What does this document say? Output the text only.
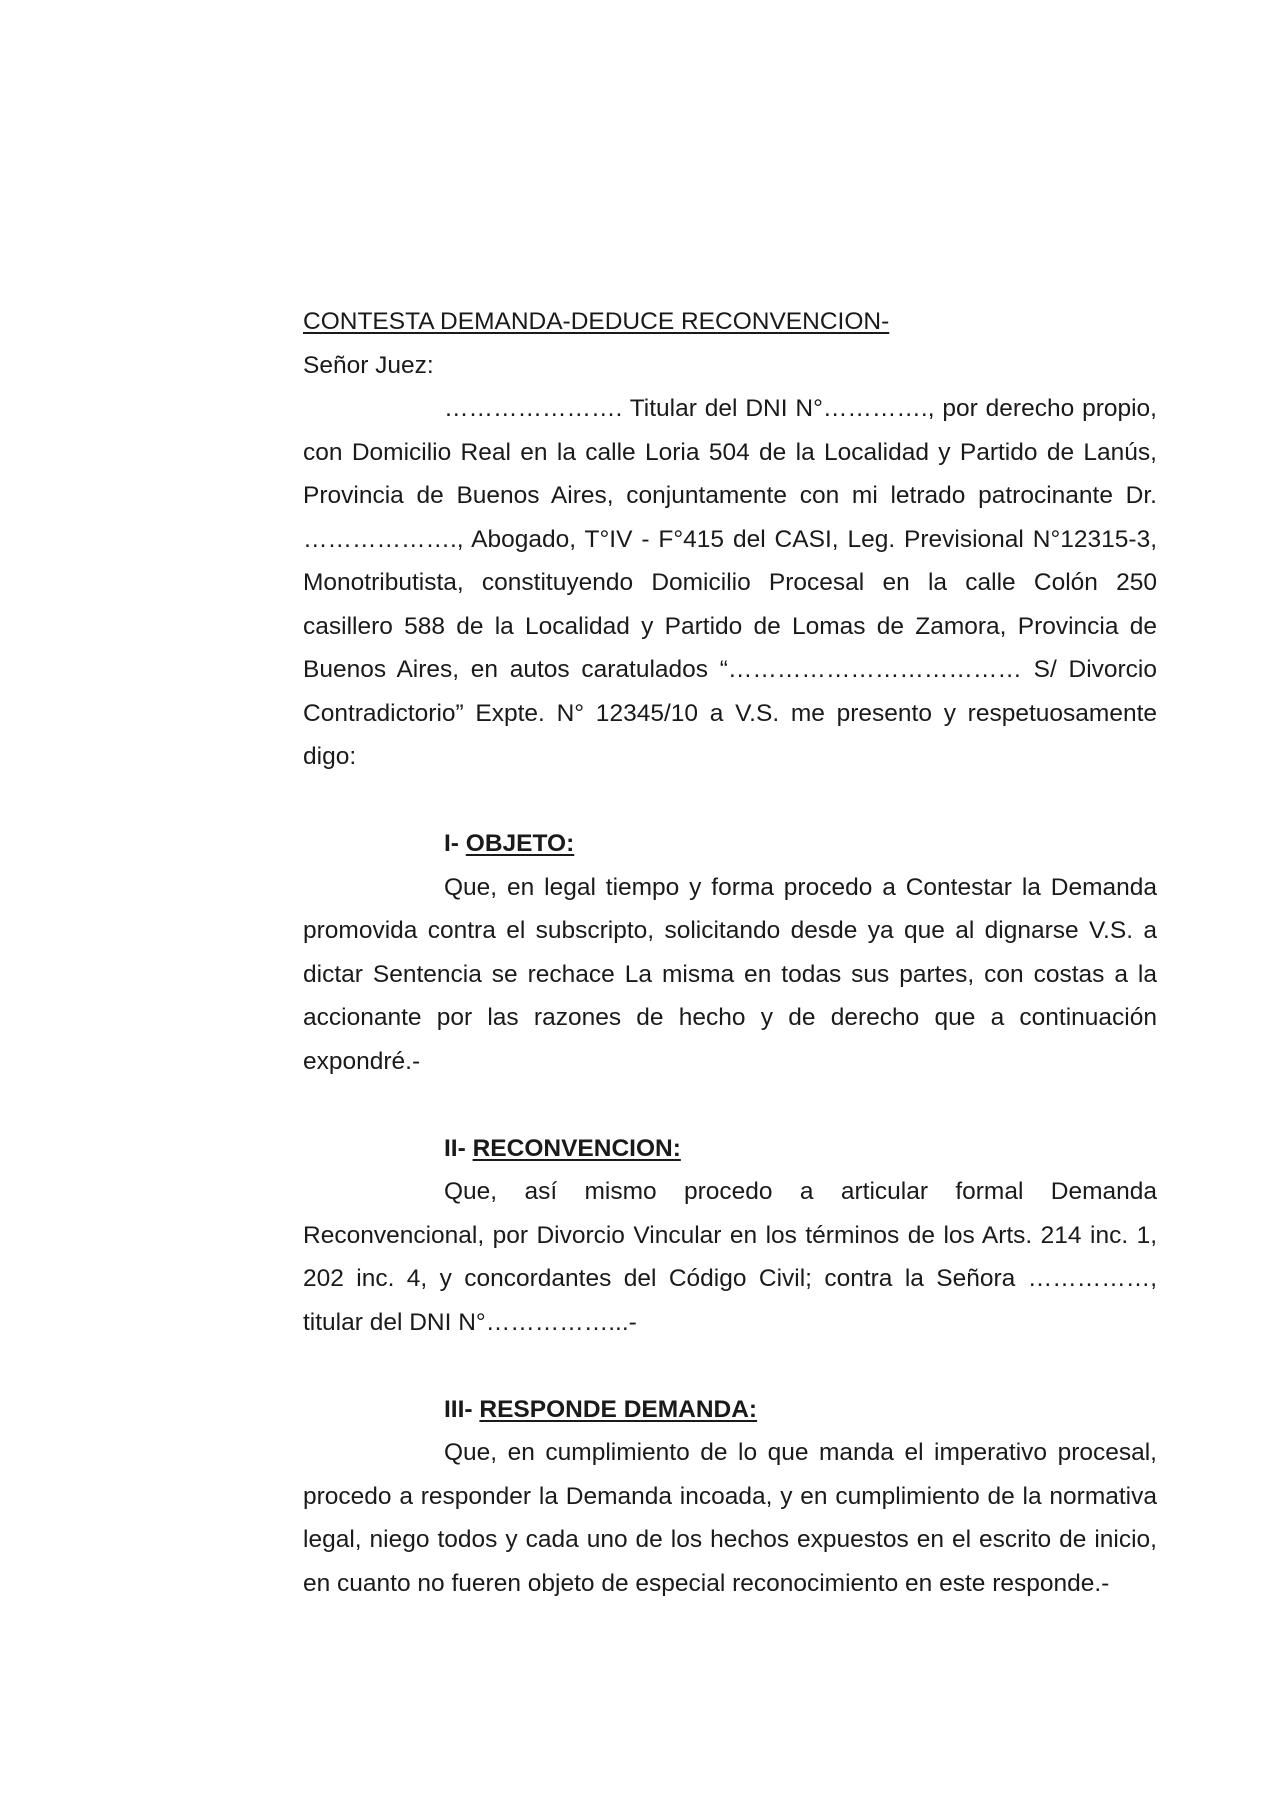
CONTESTA DEMANDA-DEDUCE RECONVENCION-

Señor Juez:

…………………. Titular del DNI N°…………., por derecho propio, con Domicilio Real en la calle Loria 504 de la Localidad y Partido de Lanús, Provincia de Buenos Aires, conjuntamente con mi letrado patrocinante Dr. ………………., Abogado, T°IV - F°415 del CASI, Leg. Previsional N°12315-3, Monotributista, constituyendo Domicilio Procesal en la calle Colón 250 casillero 588 de la Localidad y Partido de Lomas de Zamora, Provincia de Buenos Aires, en autos caratulados “……………………………… S/ Divorcio Contradictorio” Expte. N° 12345/10 a V.S. me presento y respetuosamente digo:

I- OBJETO:

Que, en legal tiempo y forma procedo a Contestar la Demanda promovida contra el subscripto, solicitando desde ya que al dignarse V.S. a dictar Sentencia se rechace La misma en todas sus partes, con costas a la accionante por las razones de hecho y de derecho que a continuación expondré.-

II- RECONVENCION:

Que, así mismo procedo a articular formal Demanda Reconvencional, por Divorcio Vincular en los términos de los Arts. 214 inc. 1, 202 inc. 4, y concordantes del Código Civil; contra la Señora ……………, titular del DNI N°……………...-

III- RESPONDE DEMANDA:

Que, en cumplimiento de lo que manda el imperativo procesal, procedo a responder la Demanda incoada, y en cumplimiento de la normativa legal, niego todos y cada uno de los hechos expuestos en el escrito de inicio, en cuanto no fueren objeto de especial reconocimiento en este responde.-
